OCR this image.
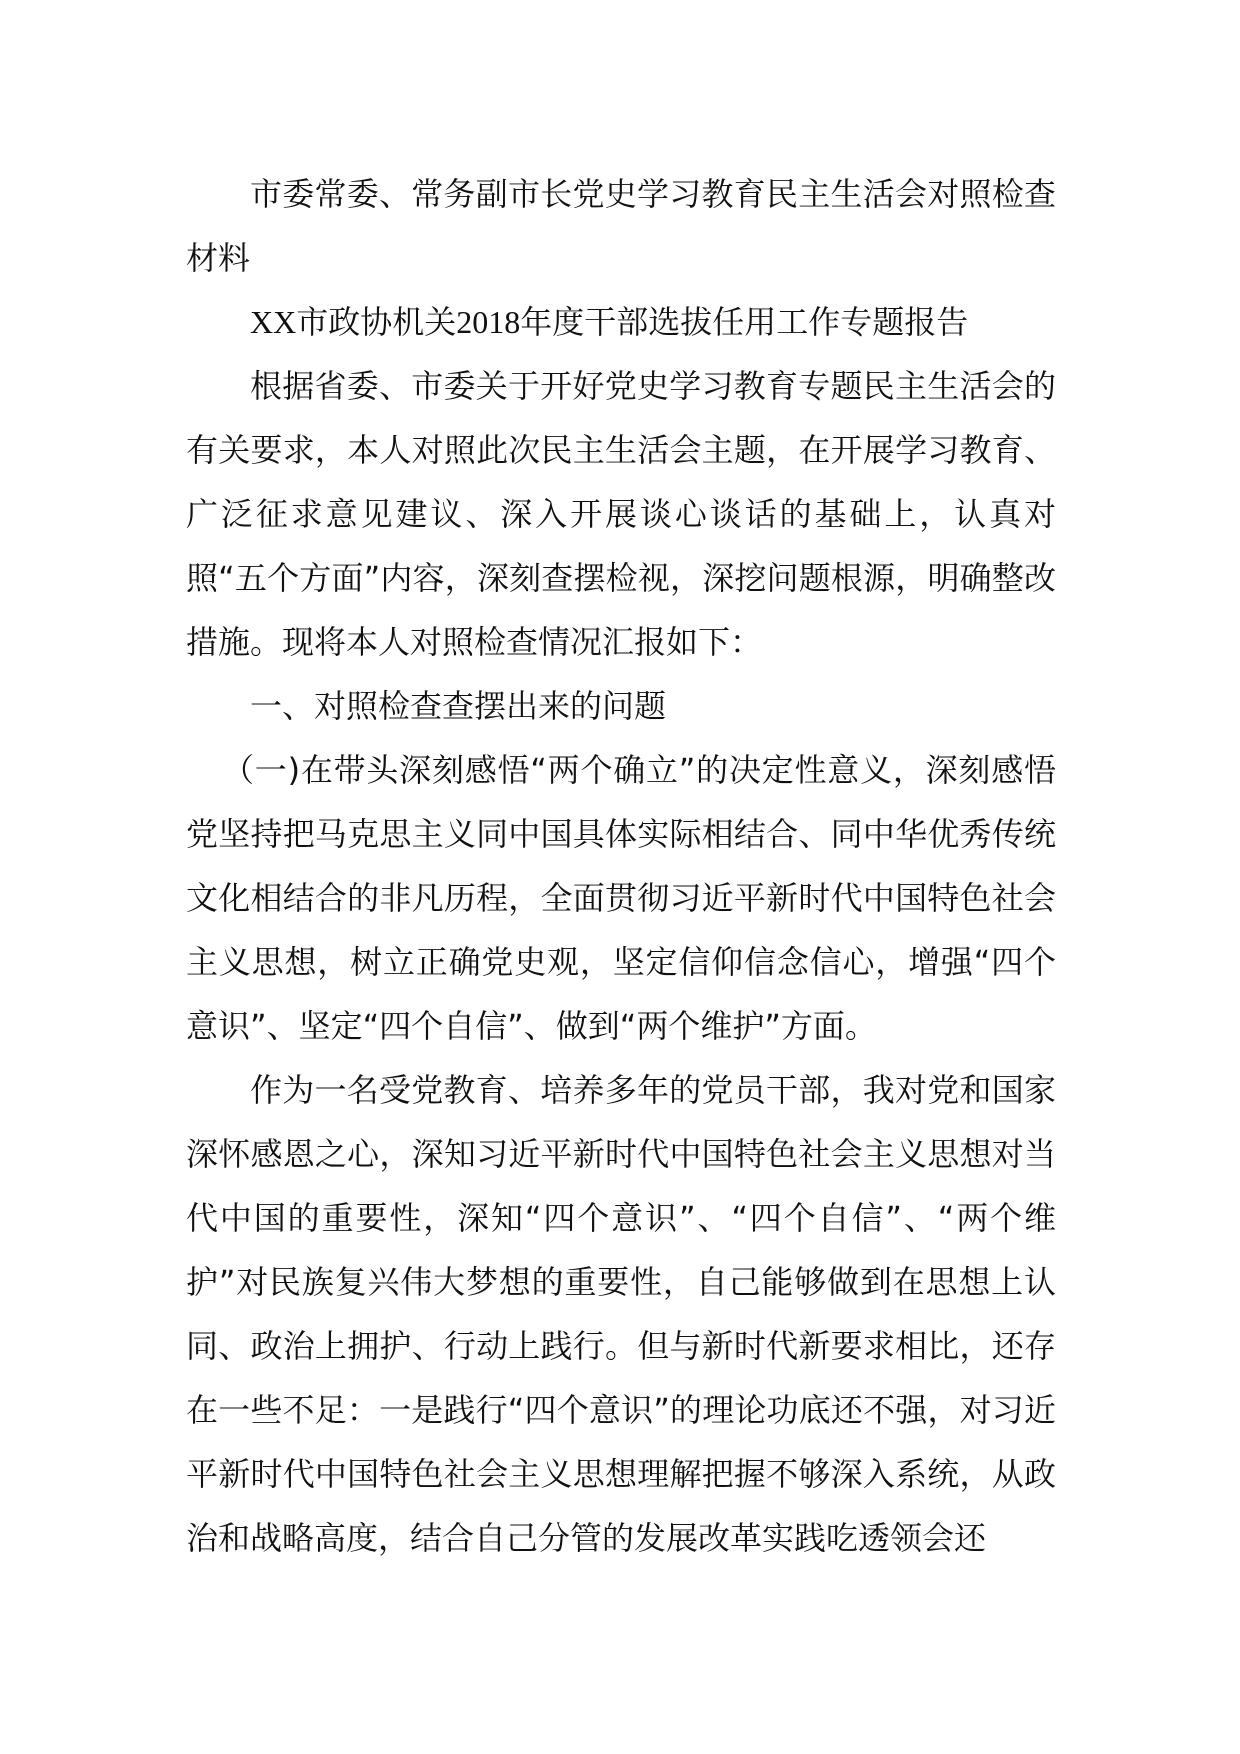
市委常委、常务副市长党史学习教育民主生活会对照检查材料

XX市政协机关2018年度干部选拔任用工作专题报告

根据省委、市委关于开好党史学习教育专题民主生活会的有关要求，本人对照此次民主生活会主题，在开展学习教育、广泛征求意见建议、深入开展谈心谈话的基础上，认真对照“五个方面”内容，深刻查摆检视，深挖问题根源，明确整改措施。现将本人对照检查情况汇报如下：

一、对照检查查摆出来的问题

（一)在带头深刻感悟“两个确立”的决定性意义，深刻感悟党坚持把马克思主义同中国具体实际相结合、同中华优秀传统文化相结合的非凡历程，全面贯彻习近平新时代中国特色社会主义思想，树立正确党史观，坚定信仰信念信心，增强“四个意识”、坚定“四个自信”、做到“两个维护”方面。

作为一名受党教育、培养多年的党员干部，我对党和国家深怀感恩之心，深知习近平新时代中国特色社会主义思想对当代中国的重要性，深知“四个意识”、“四个自信”、“两个维护”对民族复兴伟大梦想的重要性，自己能够做到在思想上认同、政治上拥护、行动上践行。但与新时代新要求相比，还存在一些不足：一是践行“四个意识”的理论功底还不强，对习近平新时代中国特色社会主义思想理解把握不够深入系统，从政治和战略高度，结合自己分管的发展改革实践吃透领会还
